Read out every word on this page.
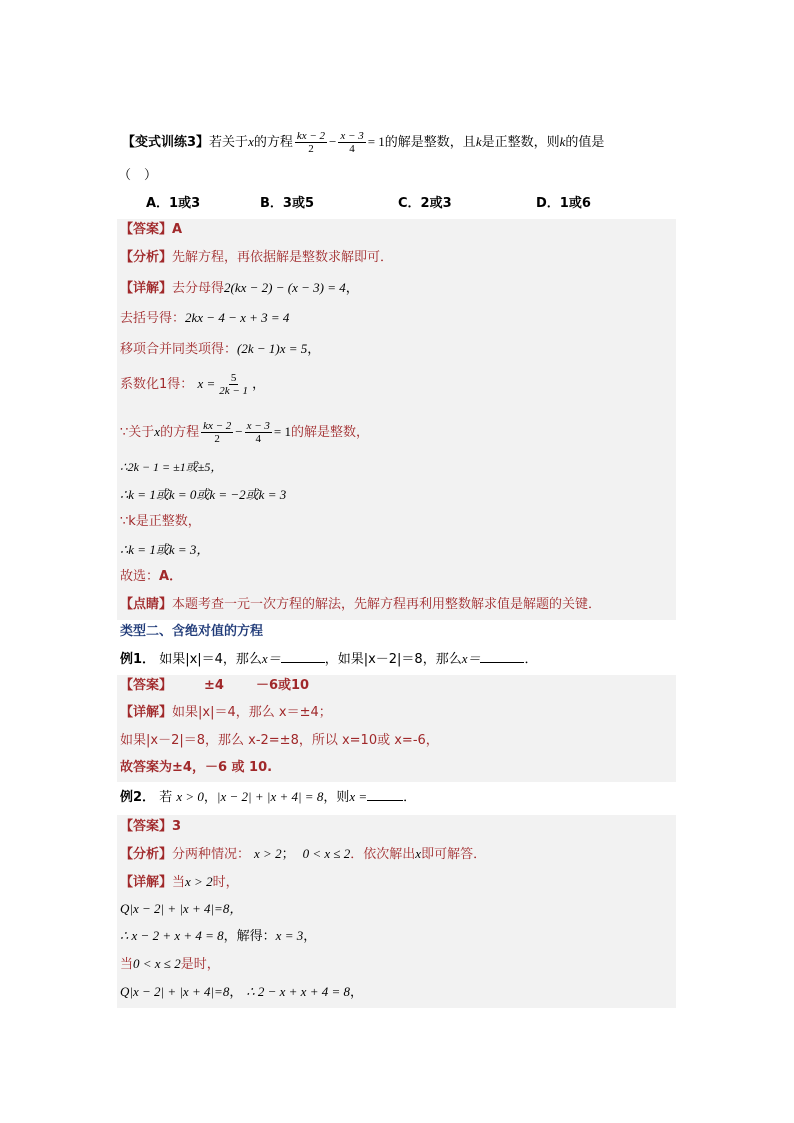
【变式训练3】若关于x的方程 $\frac{kx - 2}{2} - \frac{x - 3}{4} = 1$的解是整数，且k是正整数，则k的值是
（　）
A．1或3	B．3或5	C．2或3	D．1或6
【答案】A
【分析】先解方程，再依据解是整数求解即可．
【详解】去分母得2(kx − 2) − (x − 3) = 4，
去括号得：2kx − 4 − x + 3 = 4
移项合并同类项得：(2k − 1)x = 5，
系数化1得： $x = \frac{5}{2k - 1}$ ，
∵关于x的方程 $\frac{kx - 2}{2} - \frac{x - 3}{4} = 1$的解是整数，
∴2k − 1 = ±1或±5，
∴k = 1或k = 0或k = −2或k = 3
∵k是正整数，
∴k = 1或k = 3，
故选：A．
【点睛】本题考查一元一次方程的解法，先解方程再利用整数解求值是解题的关键．
类型二、含绝对值的方程
例1． 如果|x|＝4，那么x＝	，如果|x－2|＝8，那么x＝	．
【答案】 ±4 －6或10
【详解】如果|x|＝4，那么 x＝±4；
如果|x－2|＝8，那么 x-2=±8，所以 x=10或 x=-6，
故答案为±4，－6 或 10.
例2． 若 x > 0，|x − 2| + |x + 4| = 8，则x =	．
【答案】3
【分析】分两种情况： x > 2； 0 < x ≤ 2．依次解出x即可解答．
【详解】当x > 2时，
Q|x − 2| + |x + 4|=8，
∴ x − 2 + x + 4 = 8，解得：x = 3，
当0 < x ≤ 2是时，
Q|x − 2| + |x + 4|=8， ∴ 2 − x + x + 4 = 8，
